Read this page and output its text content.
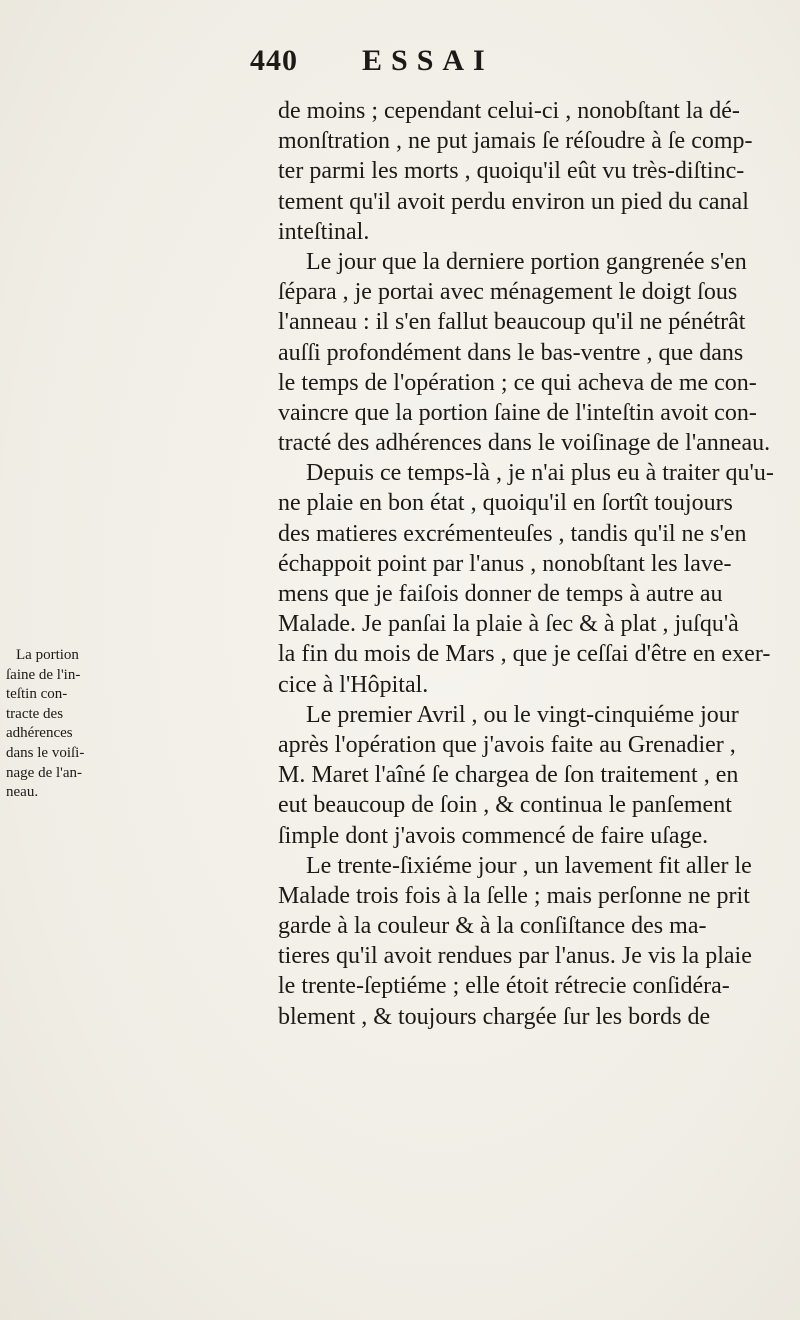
440 ESSAI
La portion
ſaine de l'in-
teſtin con-
tracte des
adhérences
dans le voiſi-
nage de l'an-
neau.
de moins ; cependant celui-ci , nonobſtant la dé-
monſtration , ne put jamais ſe réſoudre à ſe comp-
ter parmi les morts , quoiqu'il eût vu très-diſtinc-
tement qu'il avoit perdu environ un pied du canal
inteſtinal.
Le jour que la derniere portion gangrenée s'en
ſépara , je portai avec ménagement le doigt ſous
l'anneau : il s'en fallut beaucoup qu'il ne pénétrât
auſſi profondément dans le bas-ventre , que dans
le temps de l'opération ; ce qui acheva de me con-
vaincre que la portion ſaine de l'inteſtin avoit con-
tracté des adhérences dans le voiſinage de l'anneau.
Depuis ce temps-là , je n'ai plus eu à traiter qu'u-
ne plaie en bon état , quoiqu'il en ſortît toujours
des matieres excrémenteuſes , tandis qu'il ne s'en
échappoit point par l'anus , nonobſtant les lave-
mens que je faiſois donner de temps à autre au
Malade. Je panſai la plaie à ſec & à plat , juſqu'à
la fin du mois de Mars , que je ceſſai d'être en exer-
cice à l'Hôpital.
Le premier Avril , ou le vingt-cinquiéme jour
après l'opération que j'avois faite au Grenadier ,
M. Maret l'aîné ſe chargea de ſon traitement , en
eut beaucoup de ſoin , & continua le panſement
ſimple dont j'avois commencé de faire uſage.
Le trente-ſixiéme jour , un lavement fit aller le
Malade trois fois à la ſelle ; mais perſonne ne prit
garde à la couleur & à la conſiſtance des ma-
tieres qu'il avoit rendues par l'anus. Je vis la plaie
le trente-ſeptiéme ; elle étoit rétrecie conſidéra-
blement , & toujours chargée ſur les bords de
